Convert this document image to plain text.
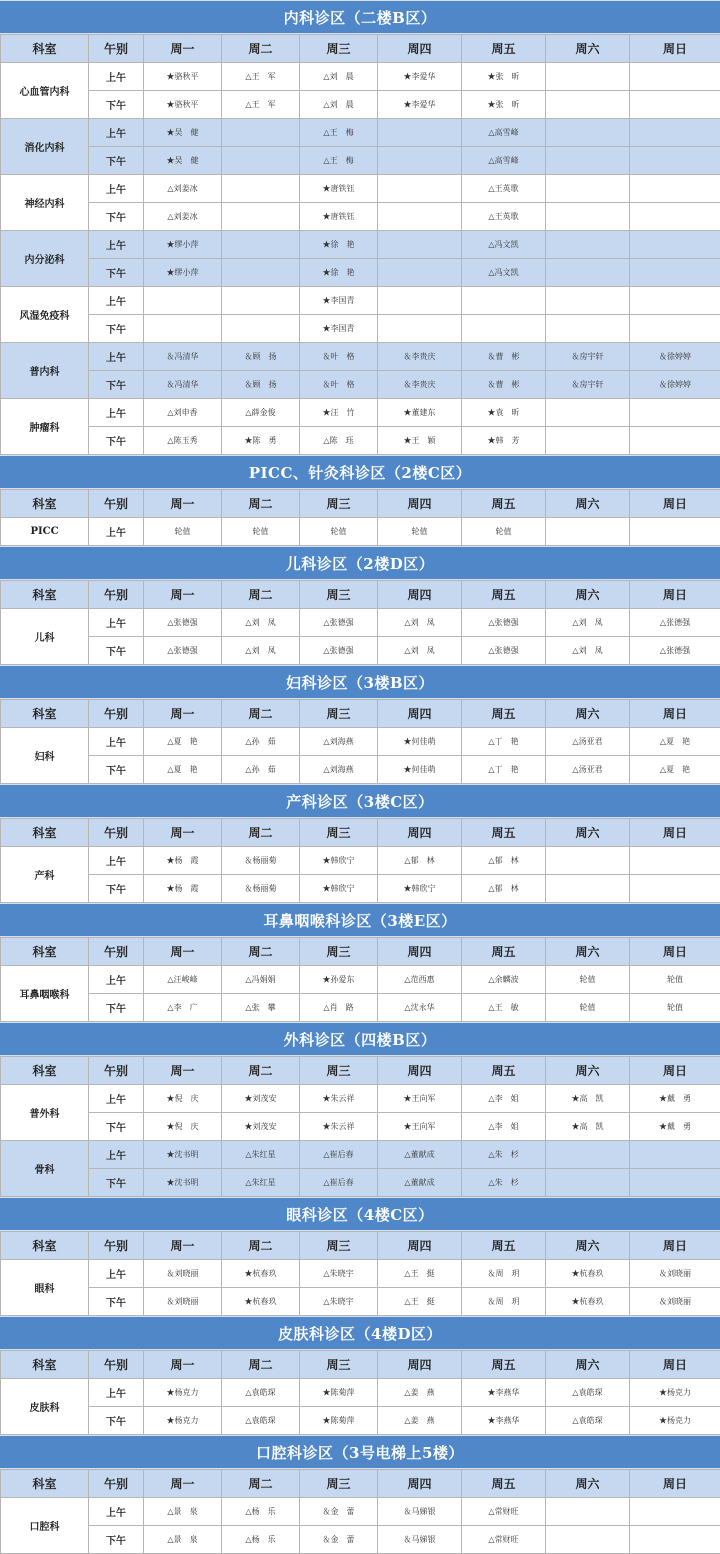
内科诊区（二楼B区）
科室	午别	周一	周二	周三	周四	周五	周六	周日
心血管内科	上午	★骆秋平	△王　军	△刘　晨	★李爱华	★张　昕		
	下午	★骆秋平	△王　军	△刘　晨	★李爱华	★张　昕		
消化内科	上午	★吴　健		△王　梅		△高雪峰		
	下午	★吴　健		△王　梅		△高雪峰		
神经内科	上午	△刘姜冰		★唐铁钰		△王英歌		
	下午	△刘姜冰		★唐铁钰		△王英歌		
内分泌科	上午	★缪小萍		★徐　艳		△冯文凯		
	下午	★缪小萍		★徐　艳		△冯文凯		
风湿免疫科	上午			★李国青				
	下午			★李国青				
普内科	上午	＆冯清华	＆顾　扬	＆叶　格	＆李贵庆	＆曹　彬	＆房宇轩	＆徐婷婷
	下午	＆冯清华	＆顾　扬	＆叶　格	＆李贵庆	＆曹　彬	＆房宇轩	＆徐婷婷
肿瘤科	上午	△刘申香	△薛金俊	★汪　竹	★董建东	★袁　昕		
	下午	△陈玉秀	★陈　勇	△陈　珏	★王　颖	★韩　芳		
PICC、针灸科诊区（2楼C区）
科室	午别	周一	周二	周三	周四	周五	周六	周日
PICC	上午	轮值	轮值	轮值	轮值	轮值		
儿科诊区（2楼D区）
科室	午别	周一	周二	周三	周四	周五	周六	周日
儿科	上午	△张德强	△刘　凤	△张德强	△刘　凤	△张德强	△刘　凤	△张德强
	下午	△张德强	△刘　凤	△张德强	△刘　凤	△张德强	△刘　凤	△张德强
妇科诊区（3楼B区）
科室	午别	周一	周二	周三	周四	周五	周六	周日
妇科	上午	△夏　艳	△孙　茹	△刘海燕	★何佳萌	△丁　艳	△汤亚君	△夏　艳
	下午	△夏　艳	△孙　茹	△刘海燕	★何佳萌	△丁　艳	△汤亚君	△夏　艳
产科诊区（3楼C区）
科室	午别	周一	周二	周三	周四	周五	周六	周日
产科	上午	★杨　霞	＆杨丽菊	★韩欣宁	△郁　林	△郁　林		
	下午	★杨　霞	＆杨丽菊	★韩欣宁	★韩欣宁	△郁　林		
耳鼻咽喉科诊区（3楼E区）
科室	午别	周一	周二	周三	周四	周五	周六	周日
耳鼻咽喉科	上午	△汪峻峰	△冯娟娟	★孙爱东	△范西惠	△余麟波	轮值	轮值
	下午	△李　广	△张　攀	△肖　路	△沈永华	△王　敏	轮值	轮值
外科诊区（四楼B区）
科室	午别	周一	周二	周三	周四	周五	周六	周日
普外科	上午	★倪　庆	★刘茂安	★朱云祥	★王向军	△李　姐	★高　凯	★戴　勇
	下午	★倪　庆	★刘茂安	★朱云祥	★王向军	△李　姐	★高　凯	★戴　勇
骨科	上午	★沈书明	△朱红星	△崔后春	△董献成	△朱　杉		
	下午	★沈书明	△朱红星	△崔后春	△董献成	△朱　杉		
眼科诊区（4楼C区）
科室	午别	周一	周二	周三	周四	周五	周六	周日
眼科	上午	＆刘晓丽	★杭春玖	△朱晓宇	△王　挺	＆周　玥	★杭春玖	＆刘晓丽
	下午	＆刘晓丽	★杭春玖	△朱晓宇	△王　挺	＆周　玥	★杭春玖	＆刘晓丽
皮肤科诊区（4楼D区）
科室	午别	周一	周二	周三	周四	周五	周六	周日
皮肤科	上午	★杨克力	△袁皓琛	★陈菊萍	△姜　燕	★李燕华	△袁皓琛	★杨克力
	下午	★杨克力	△袁皓琛	★陈菊萍	△姜　燕	★李燕华	△袁皓琛	★杨克力
口腔科诊区（3号电梯上5楼）
科室	午别	周一	周二	周三	周四	周五	周六	周日
口腔科	上午	△景　泉	△杨　乐	＆金　蕾	＆马娣银	△常财旺		
	下午	△景　泉	△杨　乐	＆金　蕾	＆马娣银	△常财旺		
